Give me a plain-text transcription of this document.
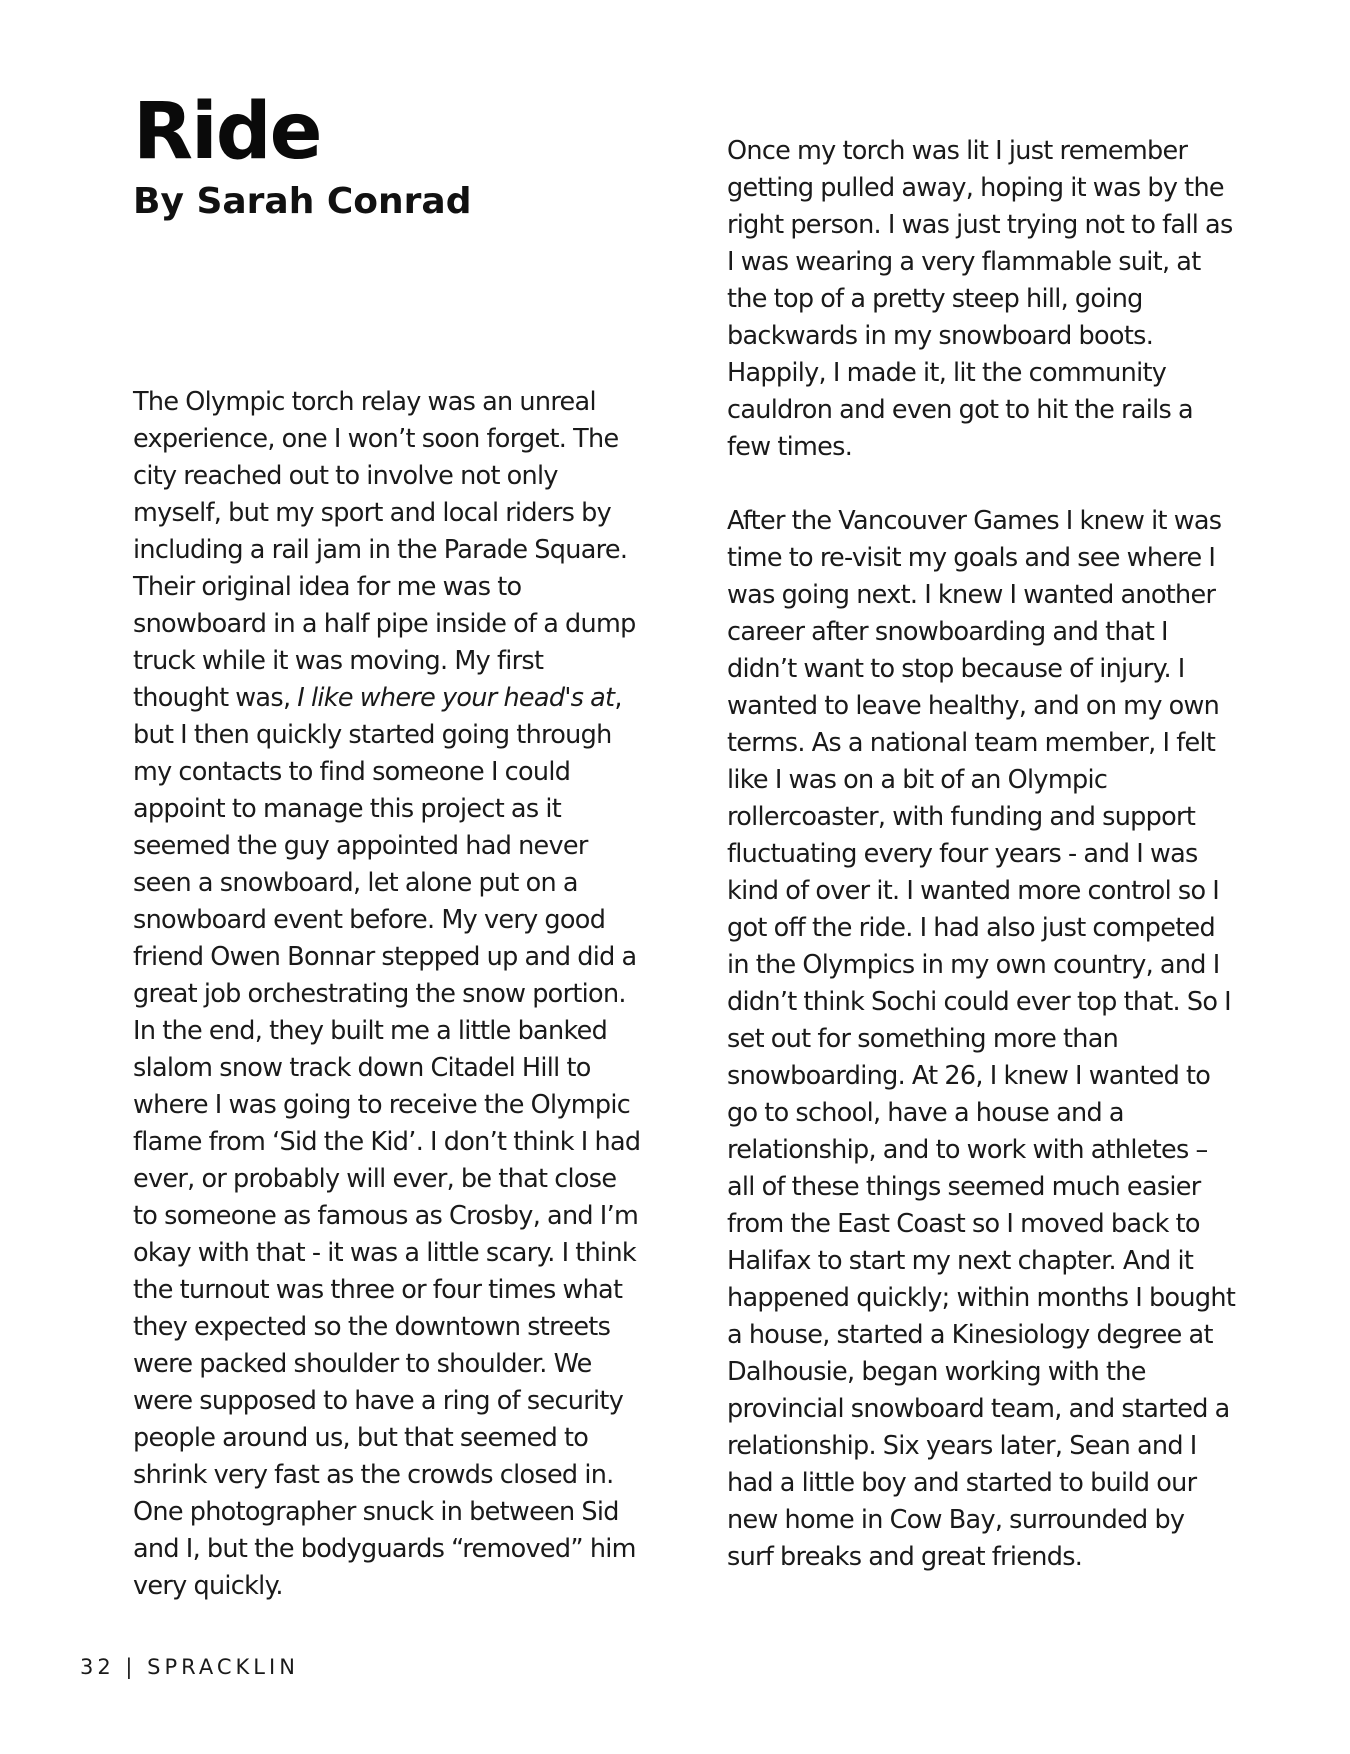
Ride
By Sarah Conrad

The Olympic torch relay was an unreal experience, one I won’t soon forget. The city reached out to involve not only myself, but my sport and local riders by including a rail jam in the Parade Square. Their original idea for me was to snowboard in a half pipe inside of a dump truck while it was moving. My first thought was, I like where your head's at, but I then quickly started going through my contacts to find someone I could appoint to manage this project as it seemed the guy appointed had never seen a snowboard, let alone put on a snowboard event before. My very good friend Owen Bonnar stepped up and did a great job orchestrating the snow portion. In the end, they built me a little banked slalom snow track down Citadel Hill to where I was going to receive the Olympic flame from ‘Sid the Kid’. I don’t think I had ever, or probably will ever, be that close to someone as famous as Crosby, and I’m okay with that - it was a little scary. I think the turnout was three or four times what they expected so the downtown streets were packed shoulder to shoulder. We were supposed to have a ring of security people around us, but that seemed to shrink very fast as the crowds closed in. One photographer snuck in between Sid and I, but the bodyguards “removed” him very quickly.

Once my torch was lit I just remember getting pulled away, hoping it was by the right person. I was just trying not to fall as I was wearing a very flammable suit, at the top of a pretty steep hill, going backwards in my snowboard boots. Happily, I made it, lit the community cauldron and even got to hit the rails a few times.

After the Vancouver Games I knew it was time to re-visit my goals and see where I was going next. I knew I wanted another career after snowboarding and that I didn’t want to stop because of injury. I wanted to leave healthy, and on my own terms. As a national team member, I felt like I was on a bit of an Olympic rollercoaster, with funding and support fluctuating every four years - and I was kind of over it. I wanted more control so I got off the ride. I had also just competed in the Olympics in my own country, and I didn’t think Sochi could ever top that. So I set out for something more than snowboarding. At 26, I knew I wanted to go to school, have a house and a relationship, and to work with athletes – all of these things seemed much easier from the East Coast so I moved back to Halifax to start my next chapter. And it happened quickly; within months I bought a house, started a Kinesiology degree at Dalhousie, began working with the provincial snowboard team, and started a relationship. Six years later, Sean and I had a little boy and started to build our new home in Cow Bay, surrounded by surf breaks and great friends.

32 | SPRACKLIN
